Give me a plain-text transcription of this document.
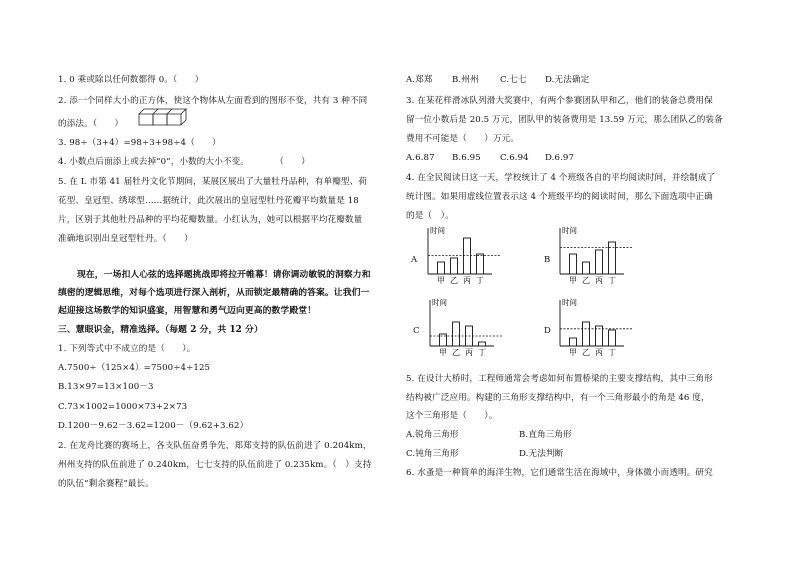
1. 0 乘或除以任何数都得 0。（　　）
2. 添一个同样大小的正方体，使这个物体从左面看到的图形不变，共有 3 种不同
的添法。（　　）
3. 98÷（3+4）=98÷3+98÷4（　　）
4. 小数点后面添上或去掉“0”，小数的大小不变。　　　　（　　）
5. 在 L 市第 41 届牡丹文化节期间，某展区展出了大量牡丹品种，有单瓣型、荷
花型、皇冠型、绣球型……据统计，此次展出的皇冠型牡丹花瓣平均数量是 18
片，区别于其他牡丹品种的平均花瓣数量。小红认为，她可以根据平均花瓣数量
准确地识别出皇冠型牡丹。（　　）
现在，一场扣人心弦的选择题挑战即将拉开帷幕！请你调动敏锐的洞察力和
缜密的逻辑思维，对每个选项进行深入剖析，从而锁定最精确的答案。让我们一
起迎接这场数学的知识盛宴，用智慧和勇气迈向更高的数学殿堂！
三、慧眼识金，精准选择。（每题 2 分，共 12 分）
1. 下列等式中不成立的是（　　）。
A.7500÷（125×4）=7500÷4÷125
B.13×97=13×100－3
C.73×1002=1000×73+2×73
D.1200－9.62－3.62=1200－（9.62+3.62）
2. 在龙舟比赛的赛场上，各支队伍奋勇争先，郑郑支持的队伍前进了 0.204km，
州州支持的队伍前进了 0.240km，七七支持的队伍前进了 0.235km。（　）支持
的队伍“剩余赛程”最长。
A.郑郑 B.州州 C.七七 D.无法确定
3. 在某花样滑冰队列滑大奖赛中，有两个参赛团队甲和乙，他们的装备总费用保
留一位小数后是 20.5 万元，团队甲的装备费用是 13.59 万元，那么团队乙的装备
费用不可能是（　　）万元。
A.6.87 B.6.95 C.6.94 D.6.97
4. 在全民阅读日这一天，学校统计了 4 个班级各自的平均阅读时间，并绘制成了
统计图。如果用虚线位置表示这 4 个班级平均的阅读时间，那么下面选项中正确
的是（　）。
A	B
C	D
时间
甲 乙 丙 丁
时间
甲 乙 丙 丁
时间
甲 乙 丙 丁
时间
甲 乙 丙 丁
5. 在设计大桥时，工程师通常会考虑如何布置桥梁的主要支撑结构，其中三角形
结构被广泛应用。构建的三角形支撑结构中，有一个三角形最小的角是 46 度，
这个三角形是（　　）。
A.锐角三角形	B.直角三角形
C.钝角三角形	D.无法判断
6. 水蚤是一种简单的海洋生物，它们通常生活在海域中，身体微小而透明。研究
